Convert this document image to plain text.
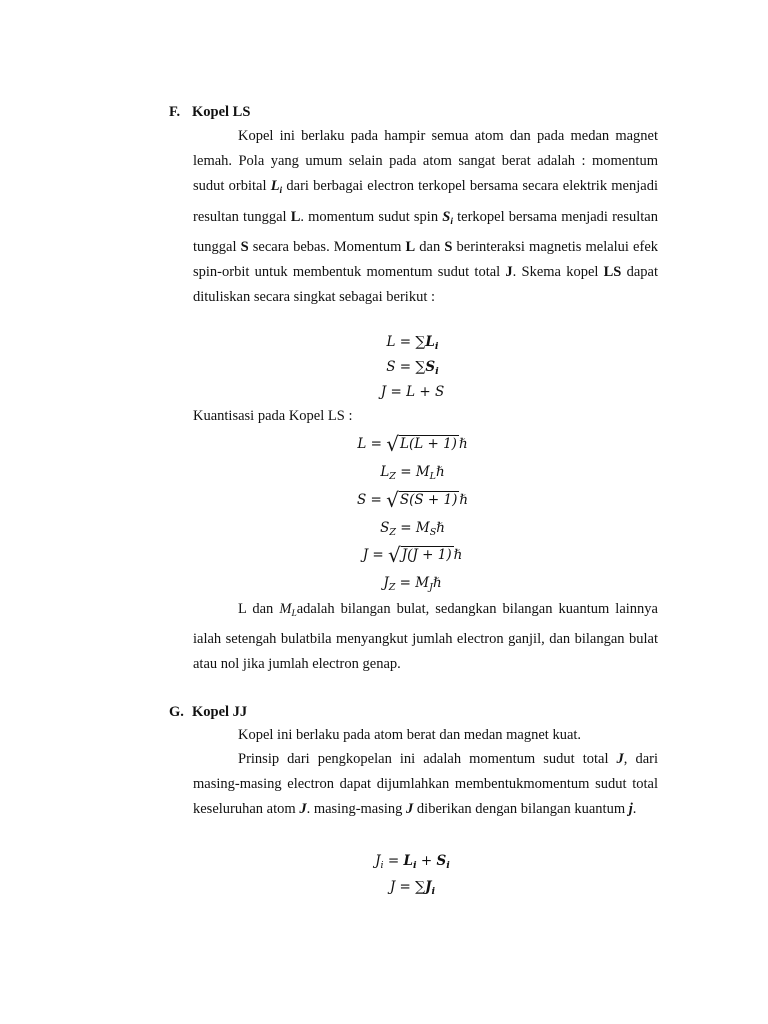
F. Kopel LS
Kopel ini berlaku pada hampir semua atom dan pada medan magnet lemah. Pola yang umum selain pada atom sangat berat adalah : momentum sudut orbital $L_i$ dari berbagai electron terkopel bersama secara elektrik menjadi resultan tunggal L. momentum sudut spin $S_i$ terkopel bersama menjadi resultan tunggal S secara bebas. Momentum L dan S berinteraksi magnetis melalui efek spin-orbit untuk membentuk momentum sudut total J. Skema kopel LS dapat dituliskan secara singkat sebagai berikut :
$L = \sum L_i$
$S = \sum S_i$
J = L + S
Kuantisasi pada Kopel LS :
L = √L(L + 1) ℏ
$L_Z$ = $M_L\hbar$
S = √S(S + 1) ℏ
$S_Z$ = $M_S\hbar$
J = √J(J + 1) ℏ
$J_Z$ = $M_J\hbar$
L dan $M_Ladalah$ bilangan bulat, sedangkan bilangan kuantum lainnya ialah setengah bulatbila menyangkut jumlah electron ganjil, dan bilangan bulat atau nol jika jumlah electron genap.
G. Kopel JJ
Kopel ini berlaku pada atom berat dan medan magnet kuat.
Prinsip dari pengkopelan ini adalah momentum sudut total J, dari masing-masing electron dapat dijumlahkan membentukmomentum sudut total keseluruhan atom J. masing-masing J diberikan dengan bilangan kuantum j.
$J_i = L_i + S_i$
$J = \sum J_i$
